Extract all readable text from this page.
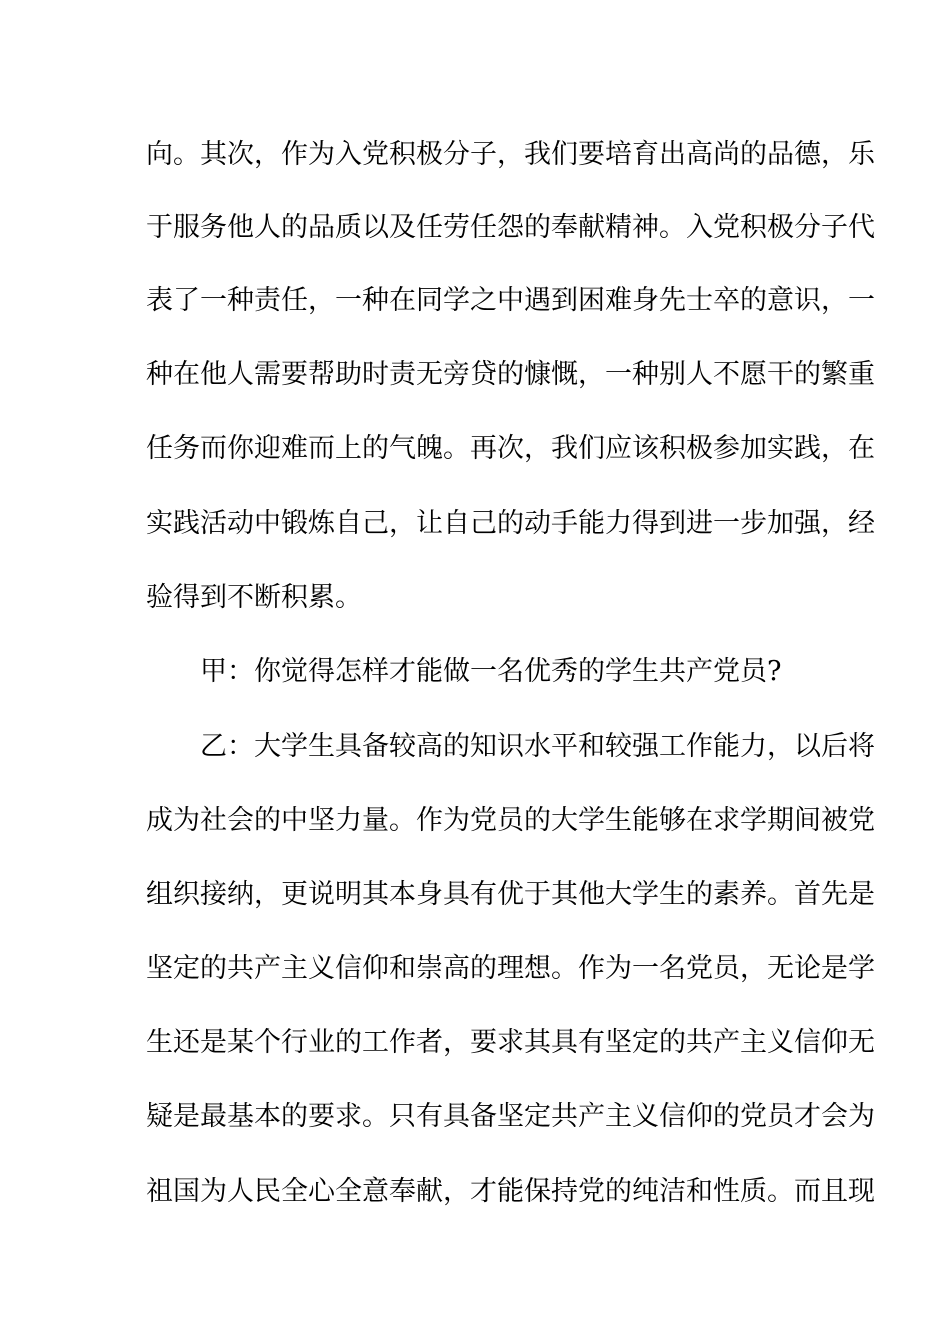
向。其次，作为入党积极分子，我们要培育出高尚的品德，乐
于服务他人的品质以及任劳任怨的奉献精神。入党积极分子代
表了一种责任，一种在同学之中遇到困难身先士卒的意识，一
种在他人需要帮助时责无旁贷的慷慨，一种别人不愿干的繁重
任务而你迎难而上的气魄。再次，我们应该积极参加实践，在
实践活动中锻炼自己，让自己的动手能力得到进一步加强，经
验得到不断积累。
　　甲：你觉得怎样才能做一名优秀的学生共产党员?
　　乙：大学生具备较高的知识水平和较强工作能力，以后将
成为社会的中坚力量。作为党员的大学生能够在求学期间被党
组织接纳，更说明其本身具有优于其他大学生的素养。首先是
坚定的共产主义信仰和崇高的理想。作为一名党员，无论是学
生还是某个行业的工作者，要求其具有坚定的共产主义信仰无
疑是最基本的要求。只有具备坚定共产主义信仰的党员才会为
祖国为人民全心全意奉献，才能保持党的纯洁和性质。而且现
